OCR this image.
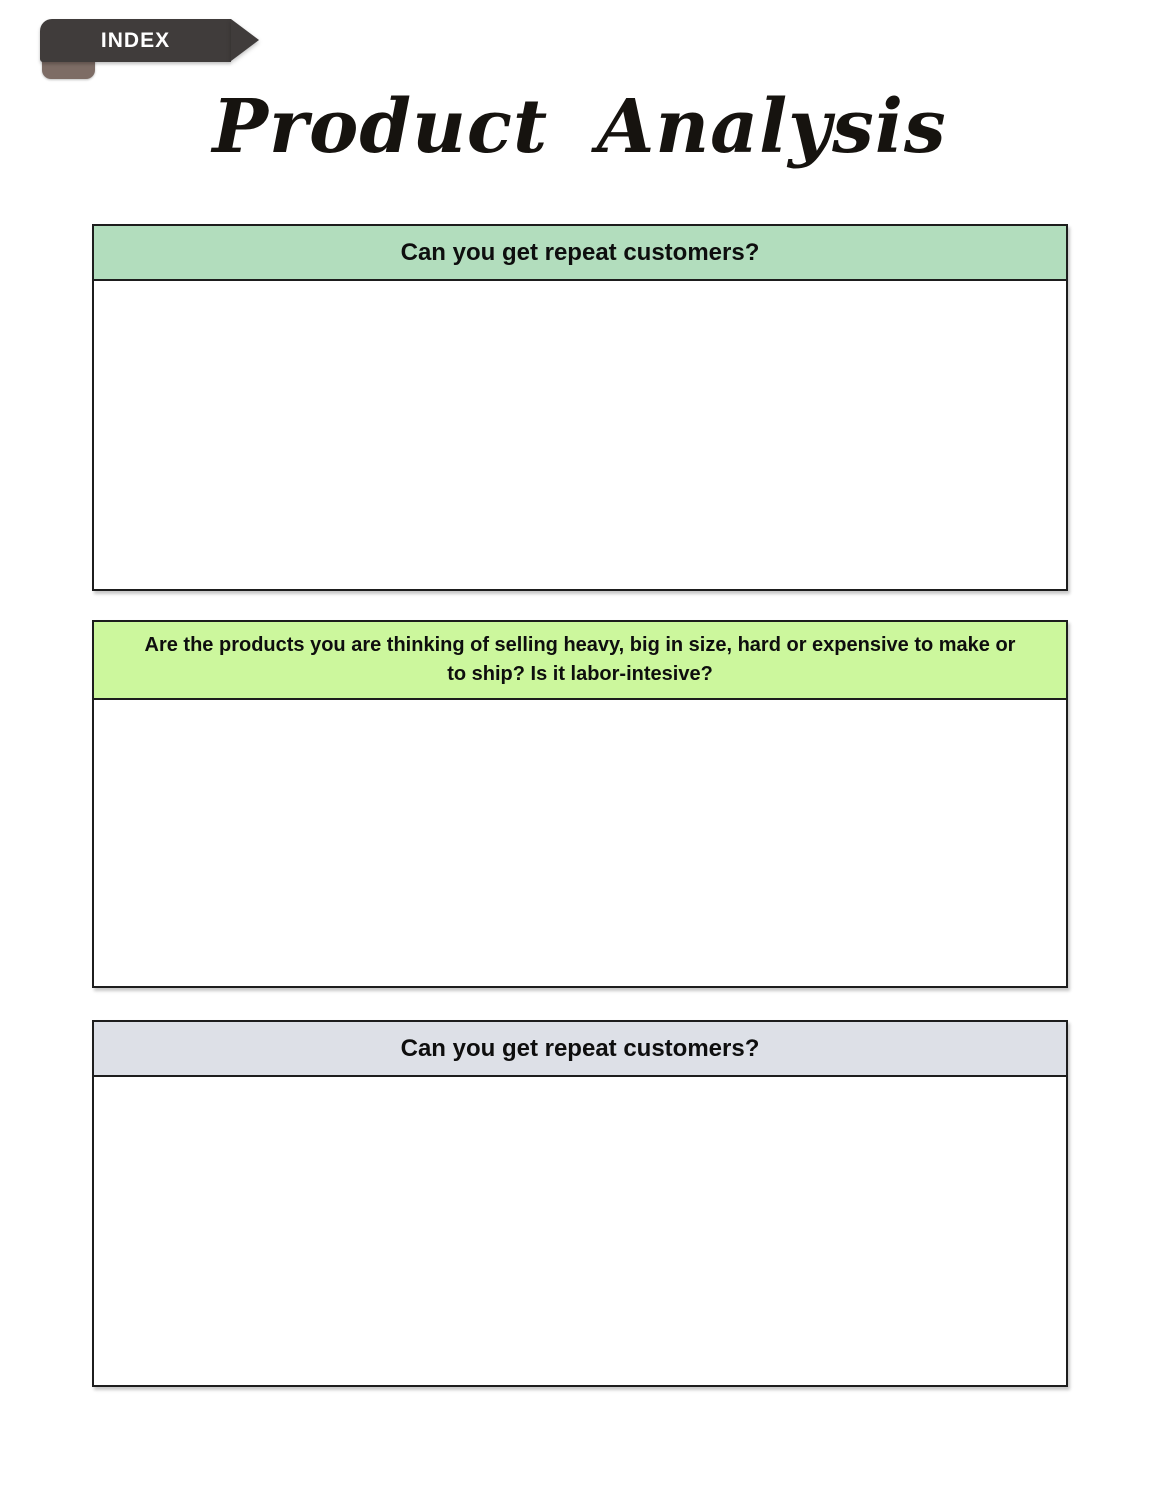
INDEX
Product Analysis
Can you get repeat customers?
Are the products you are thinking of selling heavy, big in size, hard or expensive to make or to ship? Is it labor-intesive?
Can you get repeat customers?
